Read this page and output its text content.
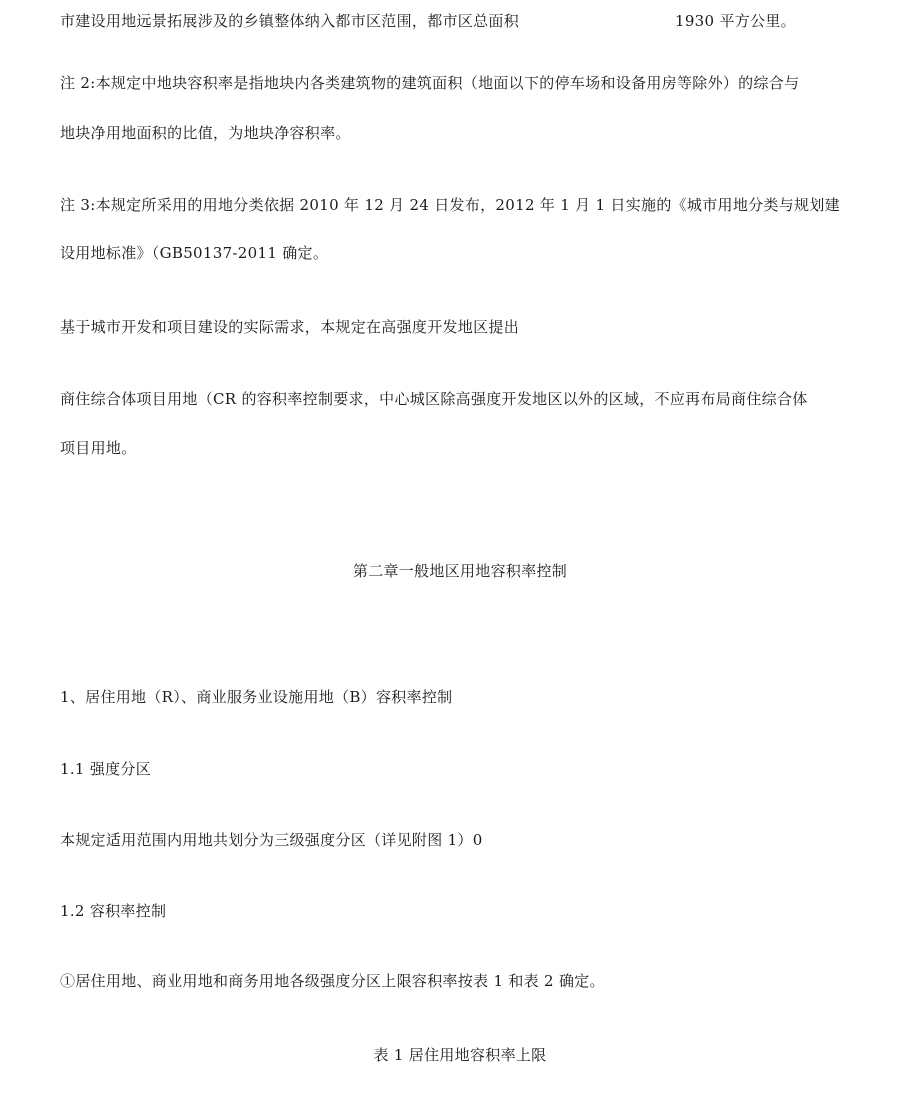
市建设用地远景拓展涉及的乡镇整体纳入都市区范围，都市区总面积	1930 平方公里。
注 2:本规定中地块容积率是指地块内各类建筑物的建筑面积（地面以下的停车场和设备用房等除外）的综合与
地块净用地面积的比值，为地块净容积率。
注 3:本规定所采用的用地分类依据 2010 年 12 月 24 日发布，2012 年 1 月 1 日实施的《城市用地分类与规划建
设用地标准》（GB50137-2011 确定。
基于城市开发和项目建设的实际需求，本规定在高强度开发地区提出
商住综合体项目用地（CR 的容积率控制要求，中心城区除高强度开发地区以外的区域，不应再布局商住综合体
项目用地。
第二章一般地区用地容积率控制
1、居住用地（R）、商业服务业设施用地（B）容积率控制
1.1 强度分区
本规定适用范围内用地共划分为三级强度分区（详见附图 1）0
1.2 容积率控制
①居住用地、商业用地和商务用地各级强度分区上限容积率按表 1 和表 2 确定。
表 1 居住用地容积率上限
